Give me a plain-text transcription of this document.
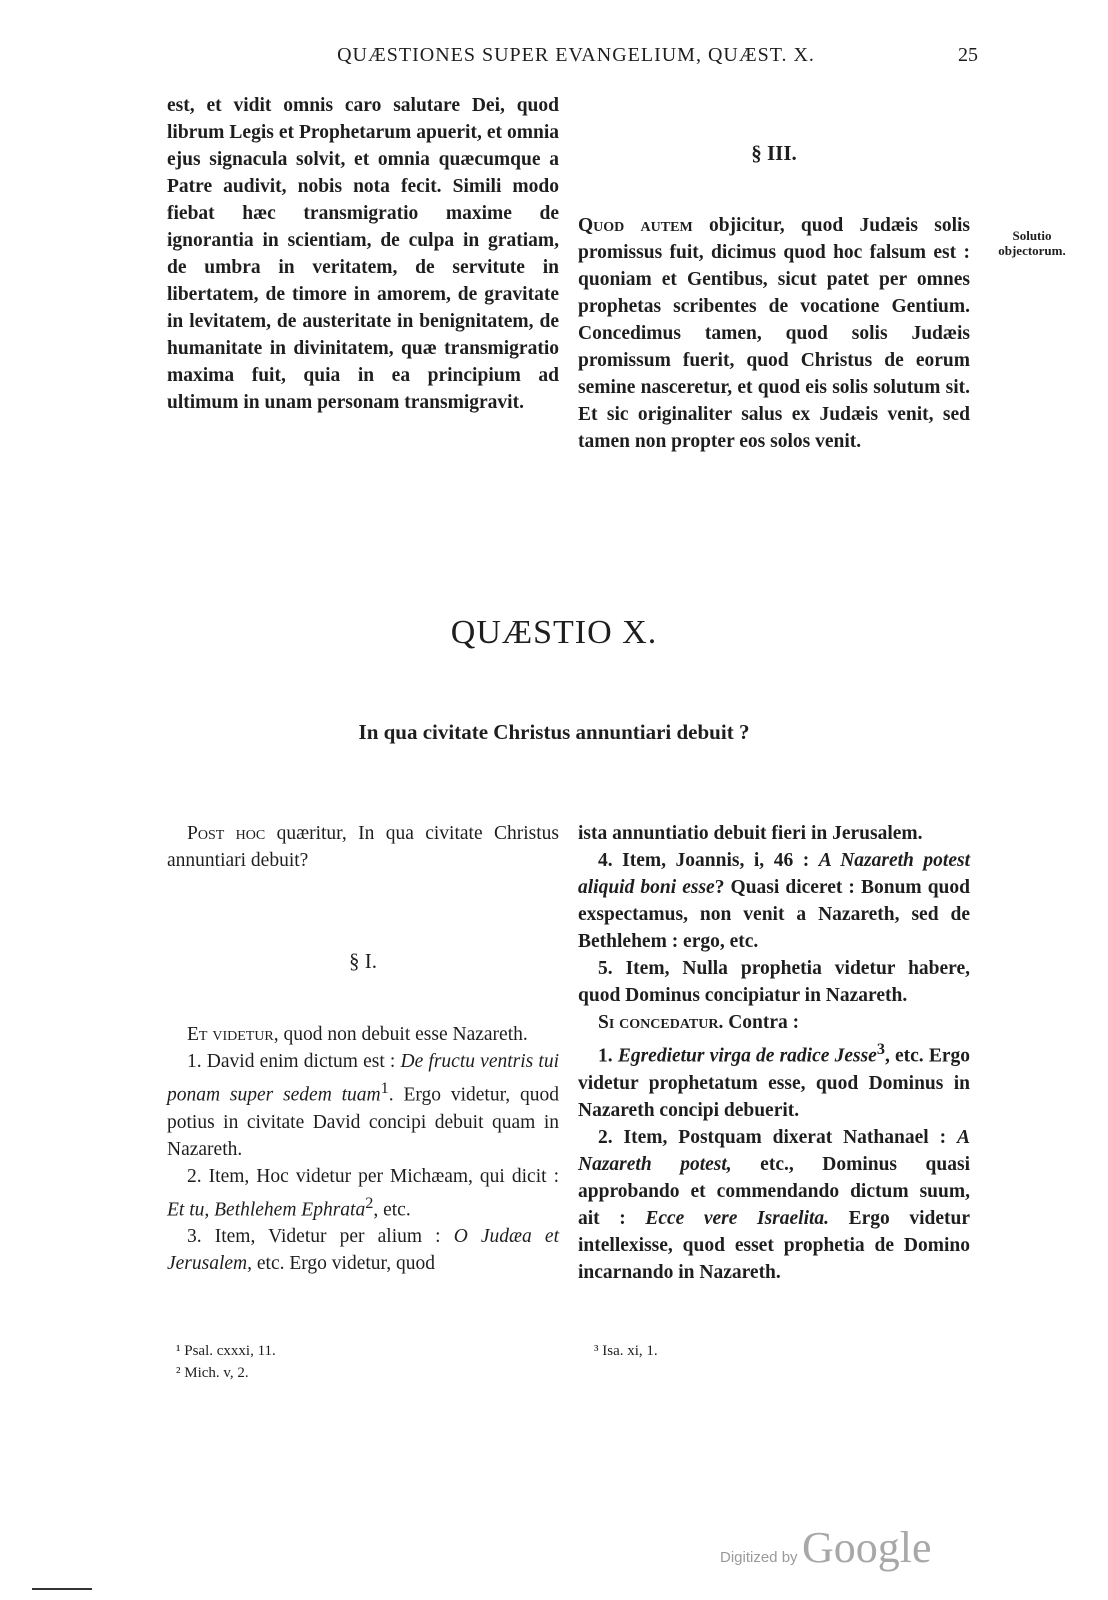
QUÆSTIONES SUPER EVANGELIUM, QUÆST. X.	25

est, et vidit omnis caro salutare Dei, quod librum Legis et Prophetarum apuerit, et omnia ejus signacula solvit, et omnia quæcumque a Patre audivit, nobis nota fecit. Simili modo fiebat hæc transmigratio maxime de ignorantia in scientiam, de culpa in gratiam, de umbra in veritatem, de servitute in libertatem, de timore in amorem, de gravitate in levitatem, de austeritate in benignitatem, de humanitate in divinitatem, quæ transmigratio maxima fuit, quia in ea principium ad ultimum in unam personam transmigravit.

§ III.

Quod autem objicitur, quod Judæis solis promissus fuit, dicimus quod hoc falsum est : quoniam et Gentibus, sicut patet per omnes prophetas scribentes de vocatione Gentium. Concedimus tamen, quod solis Judæis promissum fuerit, quod Christus de eorum semine nasceretur, et quod eis solis solutum sit. Et sic originaliter salus ex Judæis venit, sed tamen non propter eos solos venit.

Solutio objectorum.
QUÆSTIO X.
In qua civitate Christus annuntiari debuit ?

Post hoc quæritur, In qua civitate Christus annuntiari debuit?

§ I.

Et videtur, quod non debuit esse Nazareth.

1. David enim dictum est : De fructu ventris tui ponam super sedem tuam$^1$. Ergo videtur, quod potius in civitate David concipi debuit quam in Nazareth.

2. Item, Hoc videtur per Michæam, qui dicit : Et tu, Bethlehem Ephrata$^2$, etc.

3. Item, Videtur per alium : O Judæa et Jerusalem, etc. Ergo videtur, quod

ista annuntiatio debuit fieri in Jerusalem.

4. Item, Joannis, i, 46 : A Nazareth potest aliquid boni esse? Quasi diceret : Bonum quod exspectamus, non venit a Nazareth, sed de Bethlehem : ergo, etc.

5. Item, Nulla prophetia videtur habere, quod Dominus concipiatur in Nazareth.

Si concedatur. Contra :

1. Egredietur virga de radice Jesse$^3$, etc. Ergo videtur prophetatum esse, quod Dominus in Nazareth concipi debuerit.

2. Item, Postquam dixerat Nathanael : A Nazareth potest, etc., Dominus quasi approbando et commendando dictum suum, ait : Ecce vere Israelita. Ergo videtur intellexisse, quod esset prophetia de Domino incarnando in Nazareth.

¹ Psal. cxxxi, 11.
² Mich. v, 2.
³ Isa. xi, 1.
Digitized by Google
